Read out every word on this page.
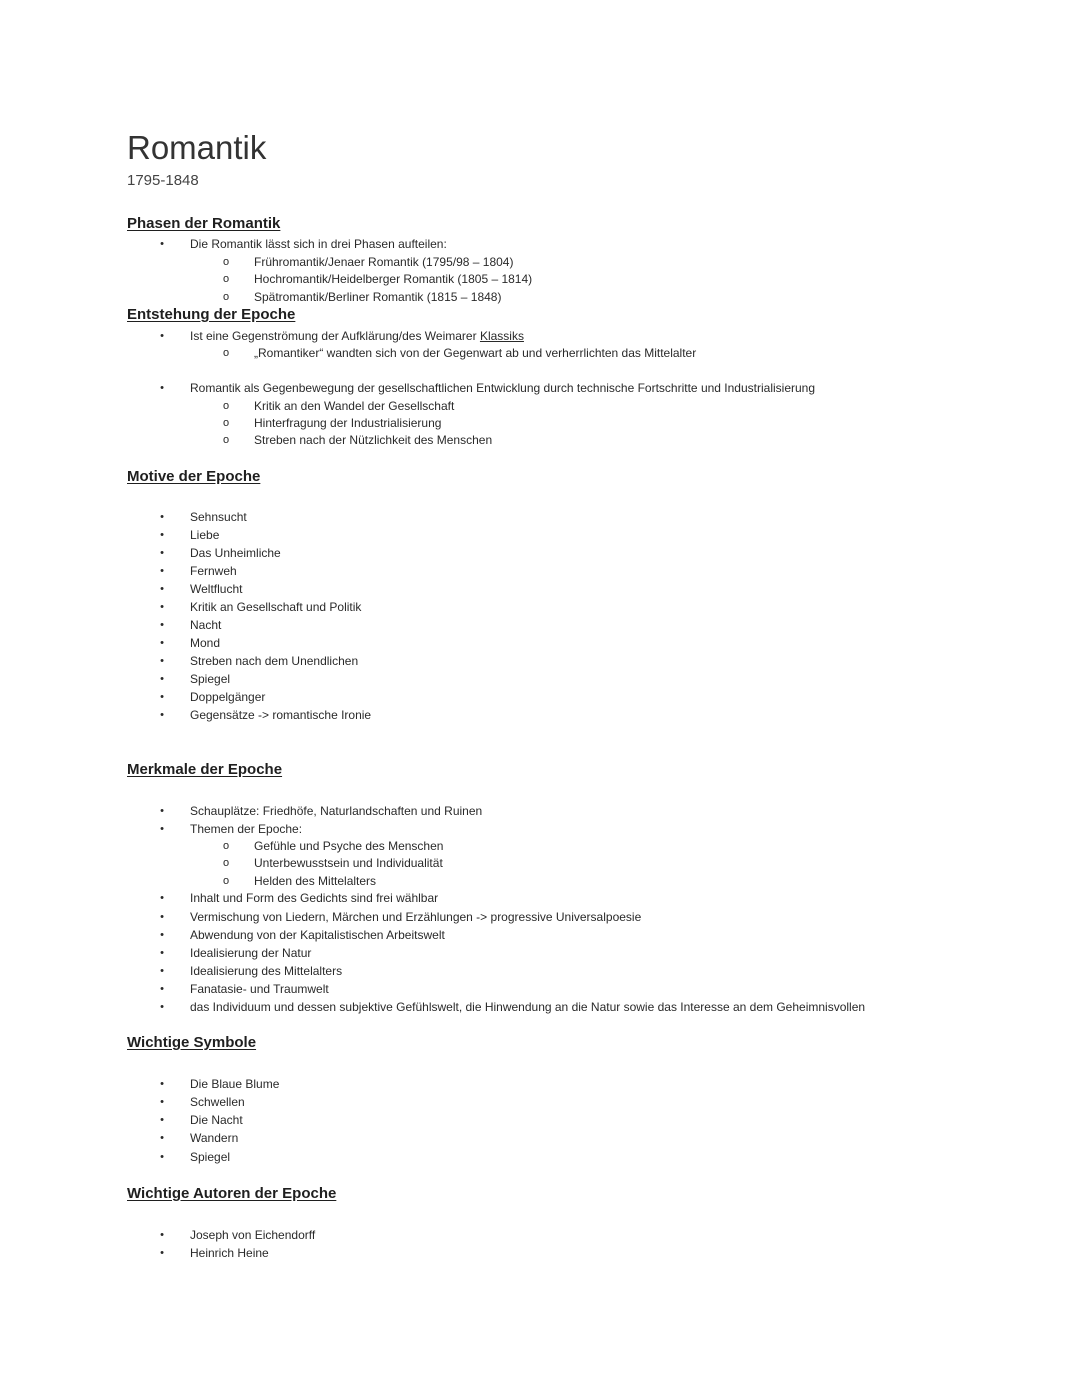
Romantik
1795-1848
Phasen der Romantik
• Die Romantik lässt sich in drei Phasen aufteilen:
o Frühromantik/Jenaer Romantik (1795/98 – 1804)
o Hochromantik/Heidelberger Romantik (1805 – 1814)
o Spätromantik/Berliner Romantik (1815 – 1848)
Entstehung der Epoche
• Ist eine Gegenströmung der Aufklärung/des Weimarer Klassiks
o „Romantiker“ wandten sich von der Gegenwart ab und verherrlichten das Mittelalter
• Romantik als Gegenbewegung der gesellschaftlichen Entwicklung durch technische Fortschritte und Industrialisierung
o Kritik an den Wandel der Gesellschaft
o Hinterfragung der Industrialisierung
o Streben nach der Nützlichkeit des Menschen
Motive der Epoche
• Sehnsucht
• Liebe
• Das Unheimliche
• Fernweh
• Weltflucht
• Kritik an Gesellschaft und Politik
• Nacht
• Mond
• Streben nach dem Unendlichen
• Spiegel
• Doppelgänger
• Gegensätze -> romantische Ironie
Merkmale der Epoche
• Schauplätze: Friedhöfe, Naturlandschaften und Ruinen
• Themen der Epoche:
o Gefühle und Psyche des Menschen
o Unterbewusstsein und Individualität
o Helden des Mittelalters
• Inhalt und Form des Gedichts sind frei wählbar
• Vermischung von Liedern, Märchen und Erzählungen -> progressive Universalpoesie
• Abwendung von der Kapitalistischen Arbeitswelt
• Idealisierung der Natur
• Idealisierung des Mittelalters
• Fanatasie- und Traumwelt
• das Individuum und dessen subjektive Gefühlswelt, die Hinwendung an die Natur sowie das Interesse an dem Geheimnisvollen
Wichtige Symbole
• Die Blaue Blume
• Schwellen
• Die Nacht
• Wandern
• Spiegel
Wichtige Autoren der Epoche
• Joseph von Eichendorff
• Heinrich Heine
